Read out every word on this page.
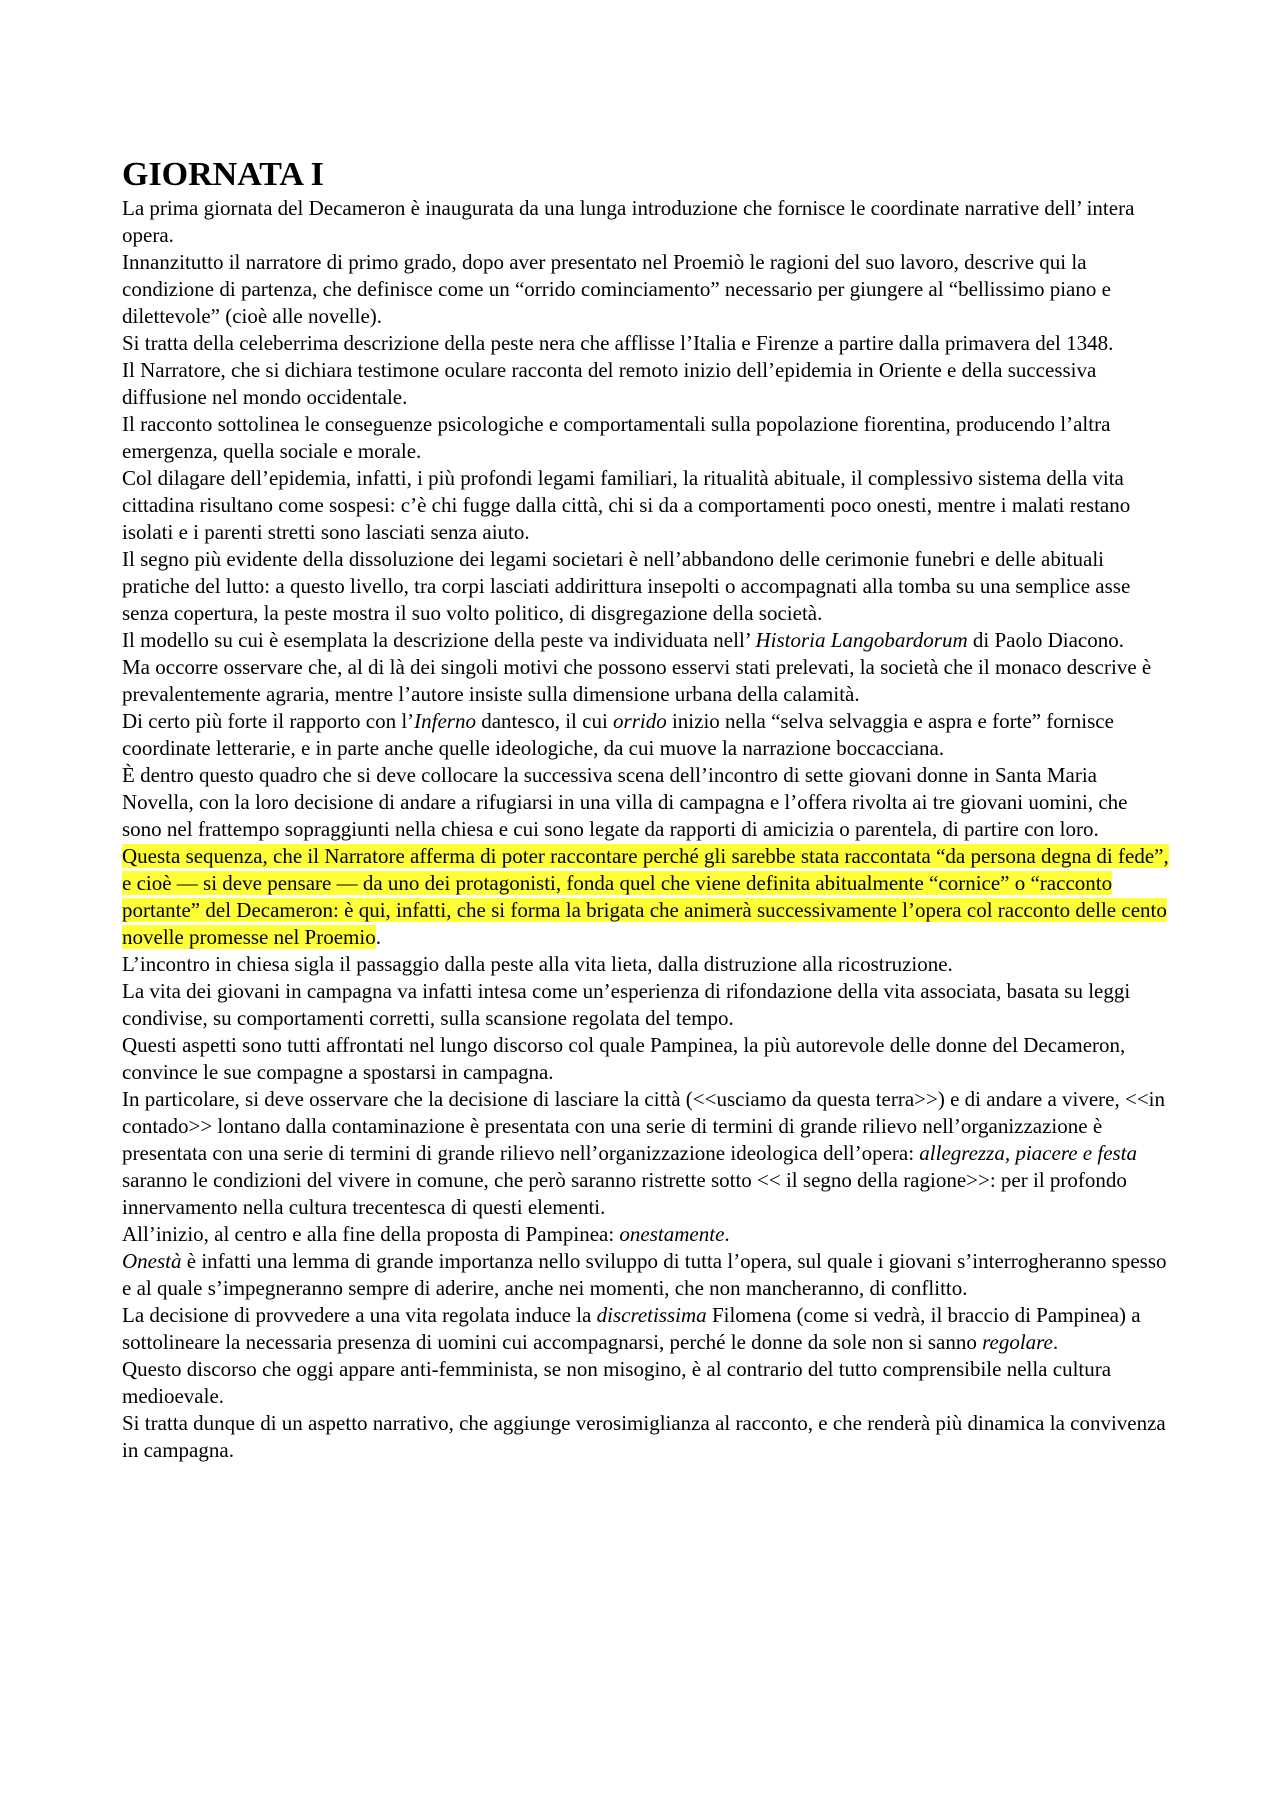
GIORNATA I

La prima giornata del Decameron è inaugurata da una lunga introduzione che fornisce le coordinate narrative dell’ intera opera.

Innanzitutto il narratore di primo grado, dopo aver presentato nel Proemiò le ragioni del suo lavoro, descrive qui la condizione di partenza, che definisce come un “orrido cominciamento” necessario per giungere al “bellissimo piano e dilettevole” (cioè alle novelle).

Si tratta della celeberrima descrizione della peste nera che afflisse l’Italia e Firenze a partire dalla primavera del 1348.

Il Narratore, che si dichiara testimone oculare racconta del remoto inizio dell’epidemia in Oriente e della successiva diffusione nel mondo occidentale.

Il racconto sottolinea le conseguenze psicologiche e comportamentali sulla popolazione fiorentina, producendo l’altra emergenza, quella sociale e morale.

Col dilagare dell’epidemia, infatti, i più profondi legami familiari, la ritualità abituale, il complessivo sistema della vita cittadina risultano come sospesi: c’è chi fugge dalla città, chi si da a comportamenti poco onesti, mentre i malati restano isolati e i parenti stretti sono lasciati senza aiuto.

Il segno più evidente della dissoluzione dei legami societari è nell’abbandono delle cerimonie funebri e delle abituali pratiche del lutto: a questo livello, tra corpi lasciati addirittura insepolti o accompagnati alla tomba su una semplice asse senza copertura, la peste mostra il suo volto politico, di disgregazione della società.

Il modello su cui è esemplata la descrizione della peste va individuata nell’ Historia Langobardorum di Paolo Diacono.

Ma occorre osservare che, al di là dei singoli motivi che possono esservi stati prelevati, la società che il monaco descrive è prevalentemente agraria, mentre l’autore insiste sulla dimensione urbana della calamità.

Di certo più forte il rapporto con l’Inferno dantesco, il cui orrido inizio nella “selva selvaggia e aspra e forte” fornisce coordinate letterarie, e in parte anche quelle ideologiche, da cui muove la narrazione boccacciana.

È dentro questo quadro che si deve collocare la successiva scena dell’incontro di sette giovani donne in Santa Maria Novella, con la loro decisione di andare a rifugiarsi in una villa di campagna e l’offera rivolta ai tre giovani uomini, che sono nel frattempo sopraggiunti nella chiesa e cui sono legate da rapporti di amicizia o parentela, di partire con loro.

Questa sequenza, che il Narratore afferma di poter raccontare perché gli sarebbe stata raccontata “da persona degna di fede”, e cioè — si deve pensare — da uno dei protagonisti, fonda quel che viene definita abitualmente “cornice” o “racconto portante” del Decameron: è qui, infatti, che si forma la brigata che animerà successivamente l’opera col racconto delle cento novelle promesse nel Proemio.

L’incontro in chiesa sigla il passaggio dalla peste alla vita lieta, dalla distruzione alla ricostruzione.

La vita dei giovani in campagna va infatti intesa come un’esperienza di rifondazione della vita associata, basata su leggi condivise, su comportamenti corretti, sulla scansione regolata del tempo.

Questi aspetti sono tutti affrontati nel lungo discorso col quale Pampinea, la più autorevole delle donne del Decameron, convince le sue compagne a spostarsi in campagna.

In particolare, si deve osservare che la decisione di lasciare la città (<<usciamo da questa terra>>) e di andare a vivere, <<in contado>> lontano dalla contaminazione è presentata con una serie di termini di grande rilievo nell’organizzazione è presentata con una serie di termini di grande rilievo nell’organizzazione ideologica dell’opera: allegrezza, piacere e festa saranno le condizioni del vivere in comune, che però saranno ristrette sotto << il segno della ragione>>: per il profondo innervamento nella cultura trecentesca di questi elementi.

All’inizio, al centro e alla fine della proposta di Pampinea: onestamente.

Onestà è infatti una lemma di grande importanza nello sviluppo di tutta l’opera, sul quale i giovani s’interrogheranno spesso e al quale s’impegneranno sempre di aderire, anche nei momenti, che non mancheranno, di conflitto.

La decisione di provvedere a una vita regolata induce la discretissima Filomena (come si vedrà, il braccio di Pampinea) a sottolineare la necessaria presenza di uomini cui accompagnarsi, perché le donne da sole non si sanno regolare.

Questo discorso che oggi appare anti-femminista, se non misogino, è al contrario del tutto comprensibile nella cultura medioevale.

Si tratta dunque di un aspetto narrativo, che aggiunge verosimiglianza al racconto, e che renderà più dinamica la convivenza in campagna.
